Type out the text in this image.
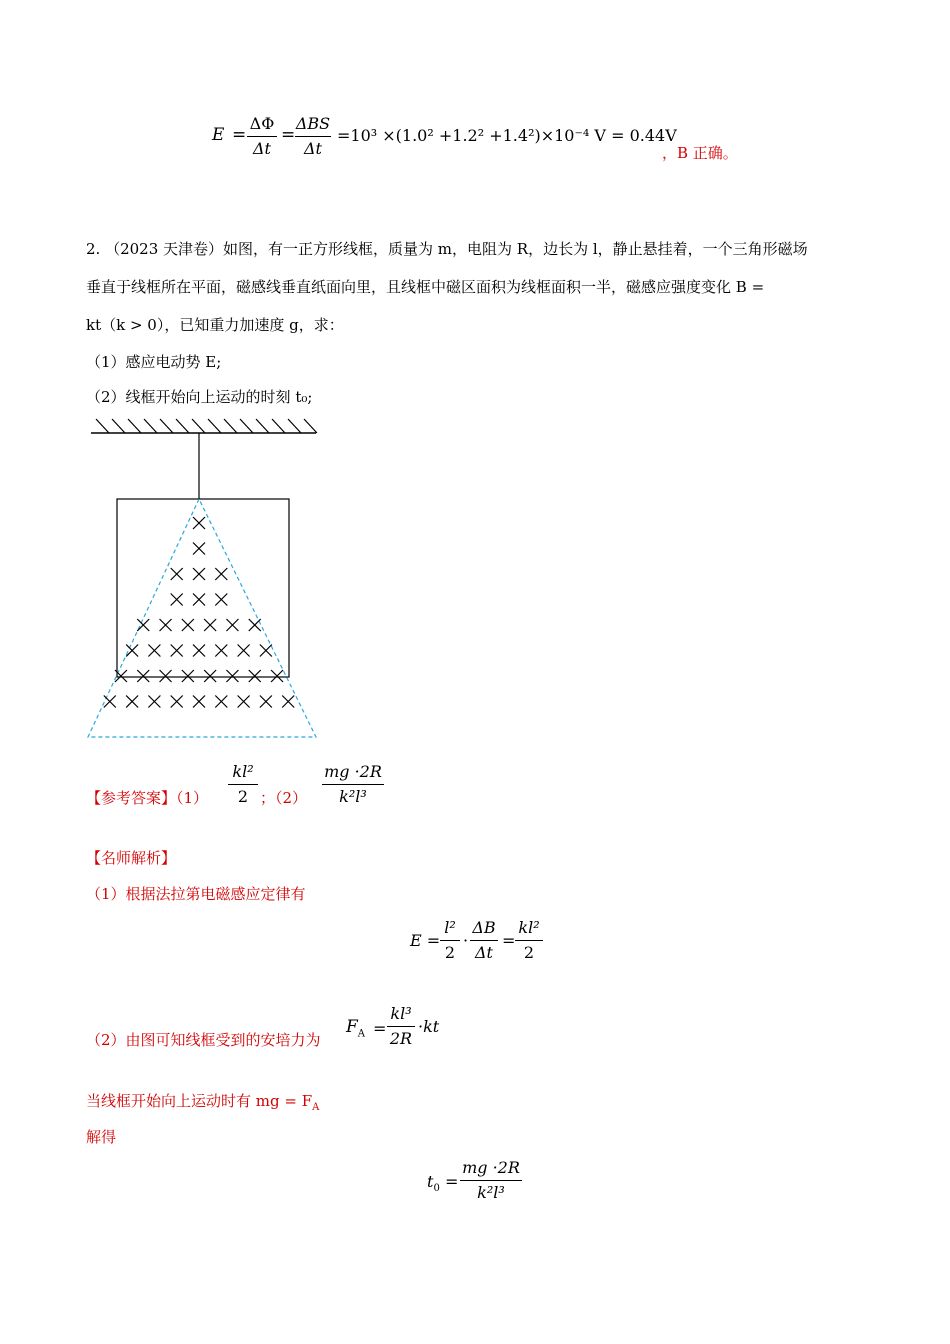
E =
ΔΦ
Δt
=
ΔBS
Δt
=10³ ×(1.0² +1.2² +1.4²)×10⁻⁴ V = 0.44V
，B 正确。
2. （2023 天津卷）如图，有一正方形线框，质量为 m，电阻为 R，边长为 l，静止悬挂着，一个三角形磁场
垂直于线框所在平面，磁感线垂直纸面向里，且线框中磁区面积为线框面积一半，磁感应强度变化 B =
kt（k > 0），已知重力加速度 g，求：
（1）感应电动势 E;
（2）线框开始向上运动的时刻 t₀;
【参考答案】（1）
kl²
2 ；（2）
mg ·2R
k²l³
【名师解析】
（1）根据法拉第电磁感应定律有
E =
l²
2
·
ΔB
Δt
=
kl²
2
（2）由图可知线框受到的安培力为
$F_A$ =
kl³
2R
·kt
当线框开始向上运动时有 mg = $F_A$
解得
$t_0$ =
mg ·2R
k²l³
